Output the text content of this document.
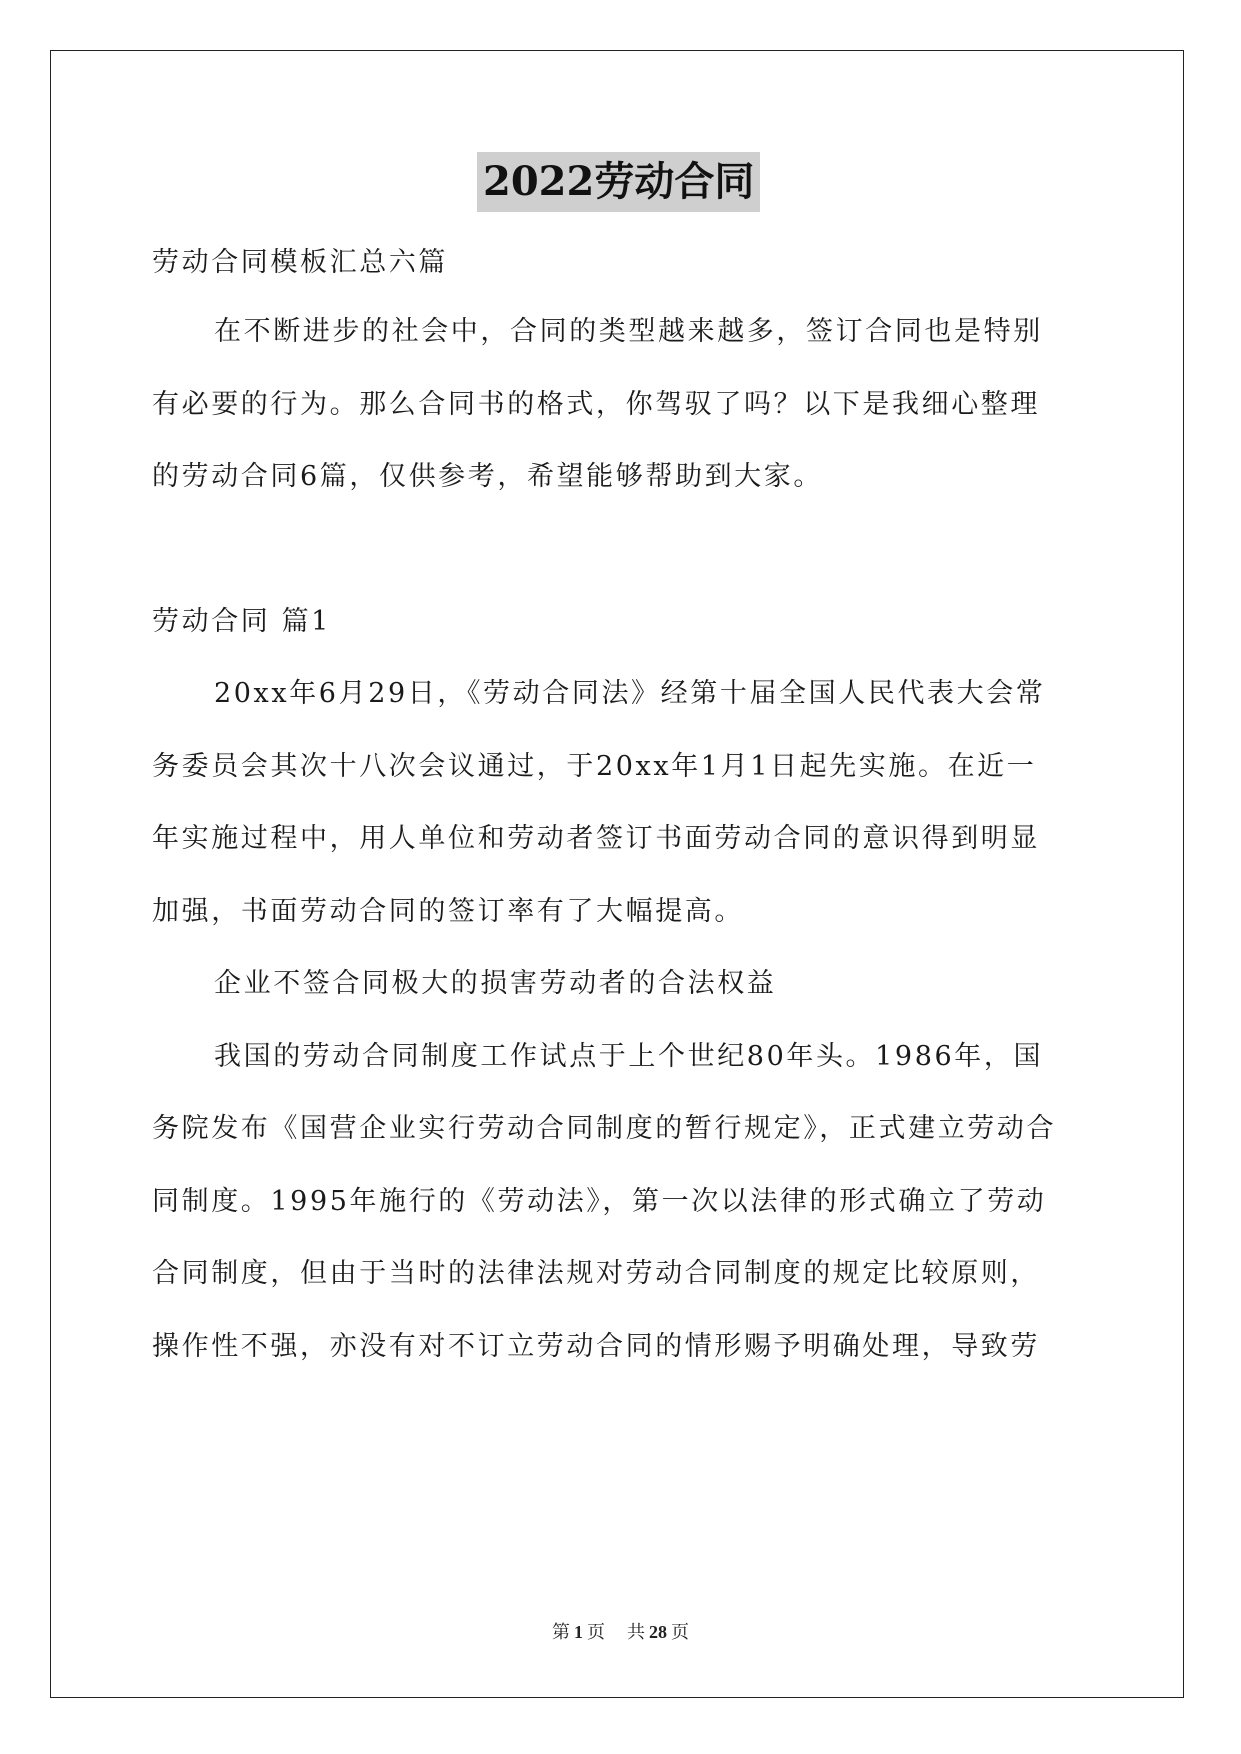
2022劳动合同
劳动合同模板汇总六篇
在不断进步的社会中，合同的类型越来越多，签订合同也是特别
有必要的行为。那么合同书的格式，你驾驭了吗？以下是我细心整理
的劳动合同6篇，仅供参考，希望能够帮助到大家。
劳动合同 篇1
20xx年6月29日，《劳动合同法》经第十届全国人民代表大会常
务委员会其次十八次会议通过，于20xx年1月1日起先实施。在近一
年实施过程中，用人单位和劳动者签订书面劳动合同的意识得到明显
加强，书面劳动合同的签订率有了大幅提高。
企业不签合同极大的损害劳动者的合法权益
我国的劳动合同制度工作试点于上个世纪80年头。1986年，国
务院发布《国营企业实行劳动合同制度的暂行规定》，正式建立劳动合
同制度。1995年施行的《劳动法》，第一次以法律的形式确立了劳动
合同制度，但由于当时的法律法规对劳动合同制度的规定比较原则，
操作性不强，亦没有对不订立劳动合同的情形赐予明确处理，导致劳
第 1 页 共 28 页
